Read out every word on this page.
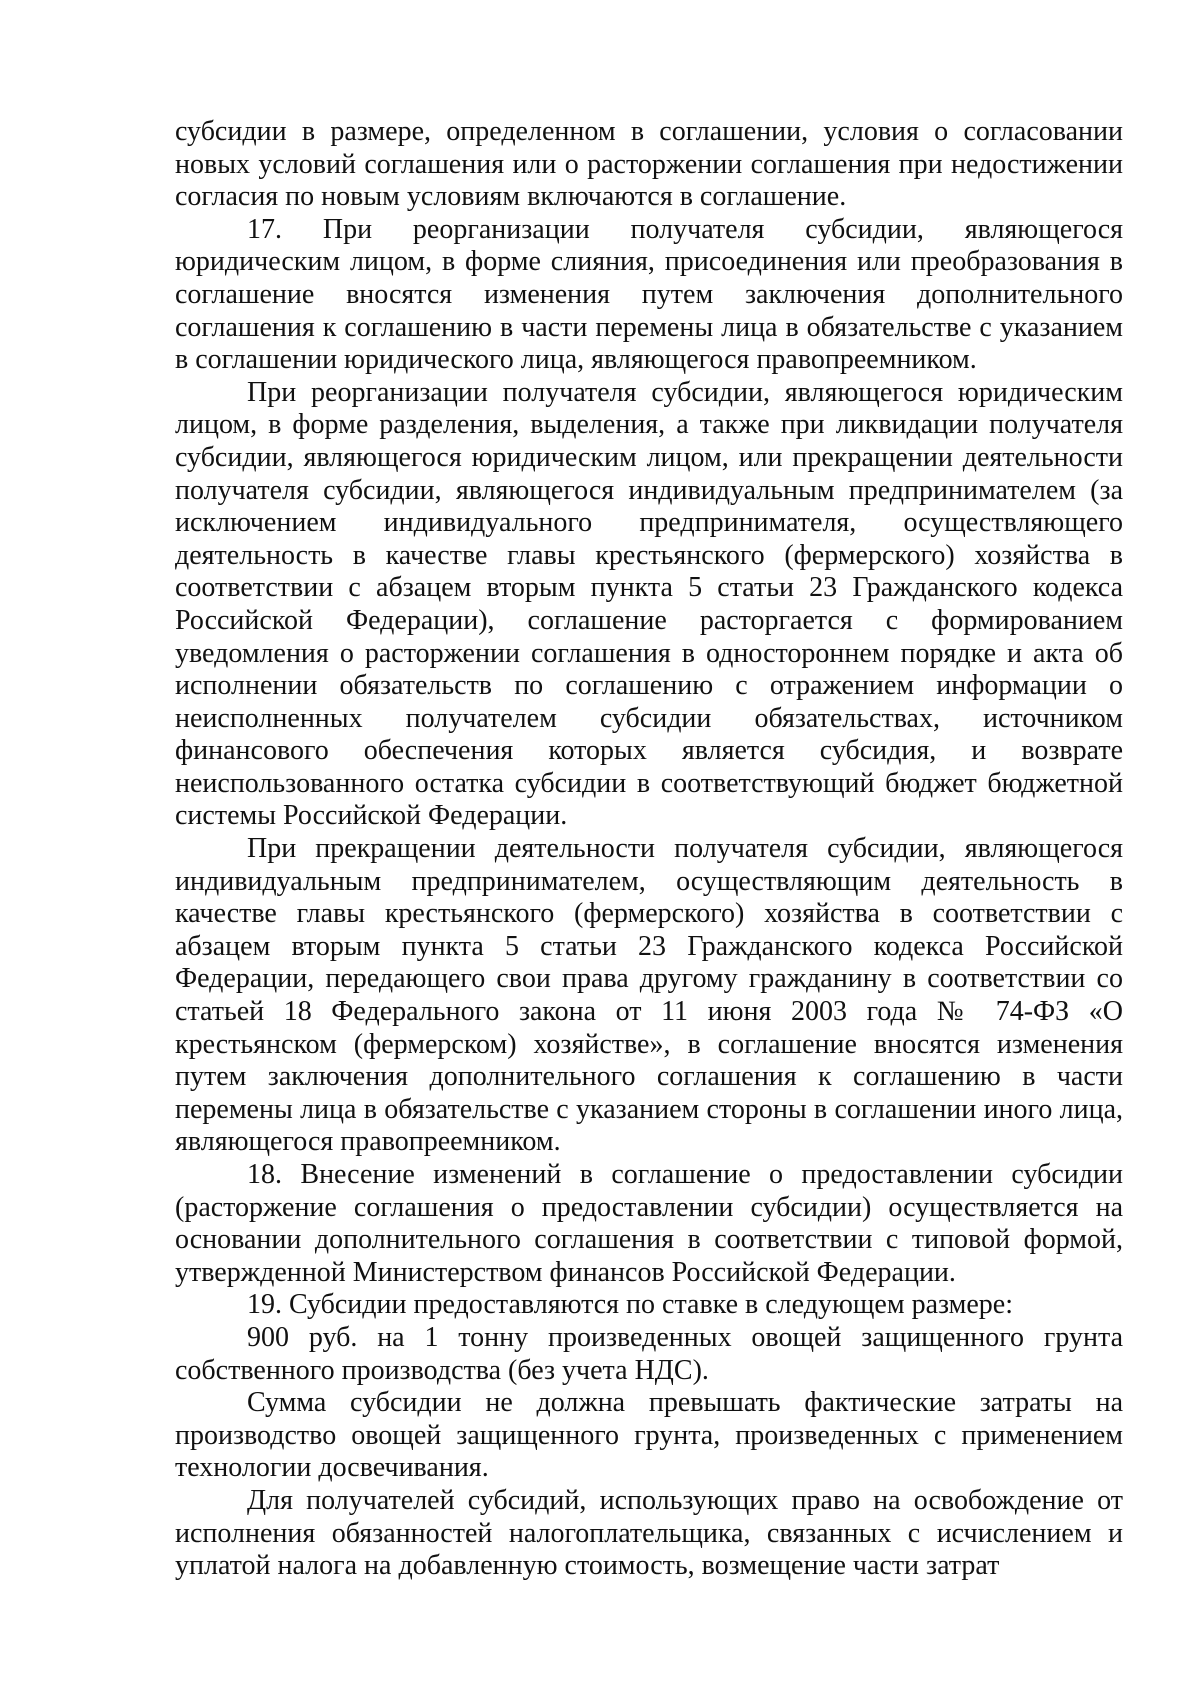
субсидии в размере, определенном в соглашении, условия о согласовании новых условий соглашения или о расторжении соглашения при недостижении согласия по новым условиям включаются в соглашение.

17. При реорганизации получателя субсидии, являющегося юридическим лицом, в форме слияния, присоединения или преобразования в соглашение вносятся изменения путем заключения дополнительного соглашения к соглашению в части перемены лица в обязательстве с указанием в соглашении юридического лица, являющегося правопреемником.

При реорганизации получателя субсидии, являющегося юридическим лицом, в форме разделения, выделения, а также при ликвидации получателя субсидии, являющегося юридическим лицом, или прекращении деятельности получателя субсидии, являющегося индивидуальным предпринимателем (за исключением индивидуального предпринимателя, осуществляющего деятельность в качестве главы крестьянского (фермерского) хозяйства в соответствии с абзацем вторым пункта 5 статьи 23 Гражданского кодекса Российской Федерации), соглашение расторгается с формированием уведомления о расторжении соглашения в одностороннем порядке и акта об исполнении обязательств по соглашению с отражением информации о неисполненных получателем субсидии обязательствах, источником финансового обеспечения которых является субсидия, и возврате неиспользованного остатка субсидии в соответствующий бюджет бюджетной системы Российской Федерации.

При прекращении деятельности получателя субсидии, являющегося индивидуальным предпринимателем, осуществляющим деятельность в качестве главы крестьянского (фермерского) хозяйства в соответствии с абзацем вторым пункта 5 статьи 23 Гражданского кодекса Российской Федерации, передающего свои права другому гражданину в соответствии со статьей 18 Федерального закона от 11 июня 2003 года № 74-ФЗ «О крестьянском (фермерском) хозяйстве», в соглашение вносятся изменения путем заключения дополнительного соглашения к соглашению в части перемены лица в обязательстве с указанием стороны в соглашении иного лица, являющегося правопреемником.

18. Внесение изменений в соглашение о предоставлении субсидии (расторжение соглашения о предоставлении субсидии) осуществляется на основании дополнительного соглашения в соответствии с типовой формой, утвержденной Министерством финансов Российской Федерации.

19. Субсидии предоставляются по ставке в следующем размере:

900 руб. на 1 тонну произведенных овощей защищенного грунта собственного производства (без учета НДС).

Сумма субсидии не должна превышать фактические затраты на производство овощей защищенного грунта, произведенных с применением технологии досвечивания.

Для получателей субсидий, использующих право на освобождение от исполнения обязанностей налогоплательщика, связанных с исчислением и уплатой налога на добавленную стоимость, возмещение части затрат
